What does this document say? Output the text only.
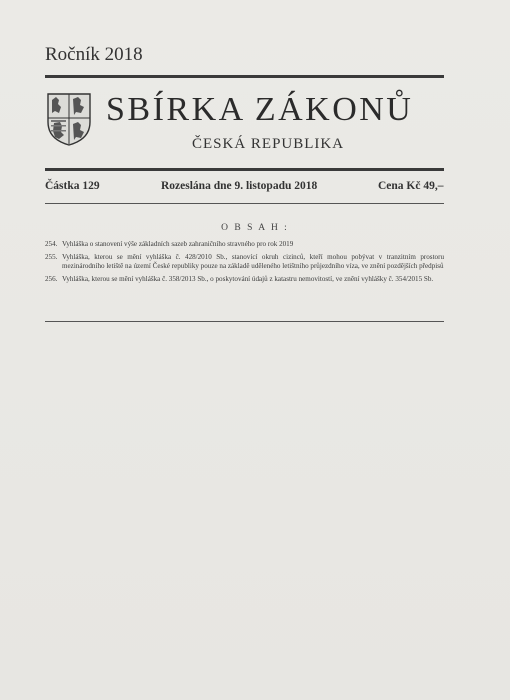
Ročník 2018
SBÍRKA ZÁKONŮ
ČESKÁ REPUBLIKA
Částka 129	Rozeslána dne 9. listopadu 2018	Cena Kč 49,–
O B S A H :
254. Vyhláška o stanovení výše základních sazeb zahraničního stravného pro rok 2019
255. Vyhláška, kterou se mění vyhláška č. 428/2010 Sb., stanovící okruh cizinců, kteří mohou pobývat v tranzitním prostoru mezinárodního letiště na území České republiky pouze na základě uděleného letištního průjezdního víza, ve znění pozdějších předpisů
256. Vyhláška, kterou se mění vyhláška č. 358/2013 Sb., o poskytování údajů z katastru nemovitostí, ve znění vyhlášky č. 354/2015 Sb.
